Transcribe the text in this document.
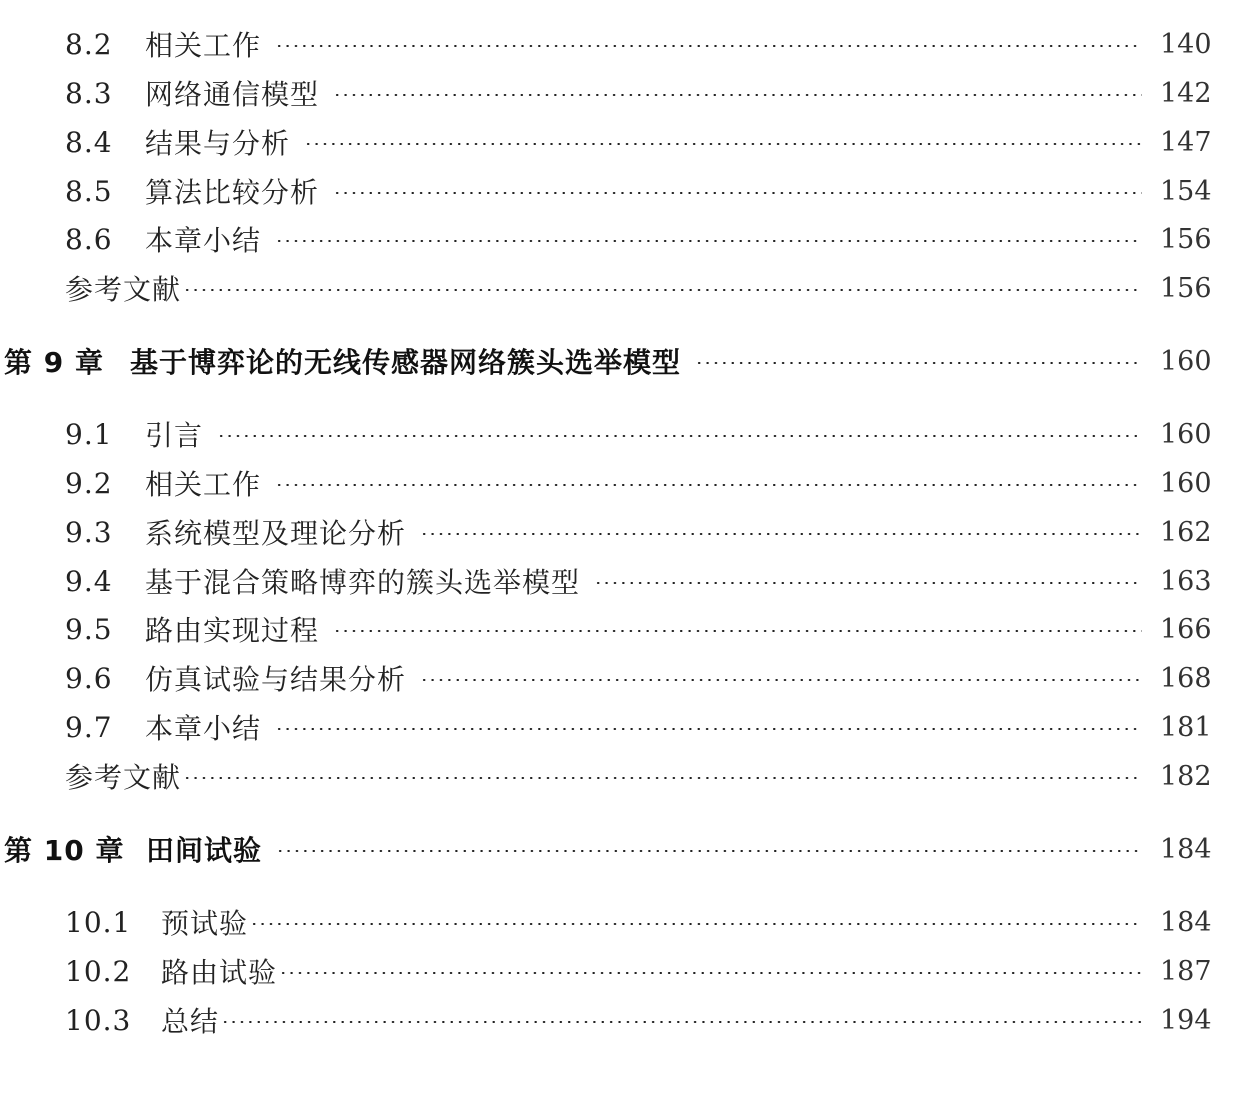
8.2	相关工作	140
8.3	网络通信模型	142
8.4	结果与分析	147
8.5	算法比较分析	154
8.6	本章小结	156
参考文献	156
第 9 章 基于博弈论的无线传感器网络簇头选举模型	160
9.1	引言	160
9.2	相关工作	160
9.3	系统模型及理论分析	162
9.4	基于混合策略博弈的簇头选举模型	163
9.5	路由实现过程	166
9.6	仿真试验与结果分析	168
9.7	本章小结	181
参考文献	182
第 10 章 田间试验	184
10.1	预试验	184
10.2	路由试验	187
10.3	总结	194
